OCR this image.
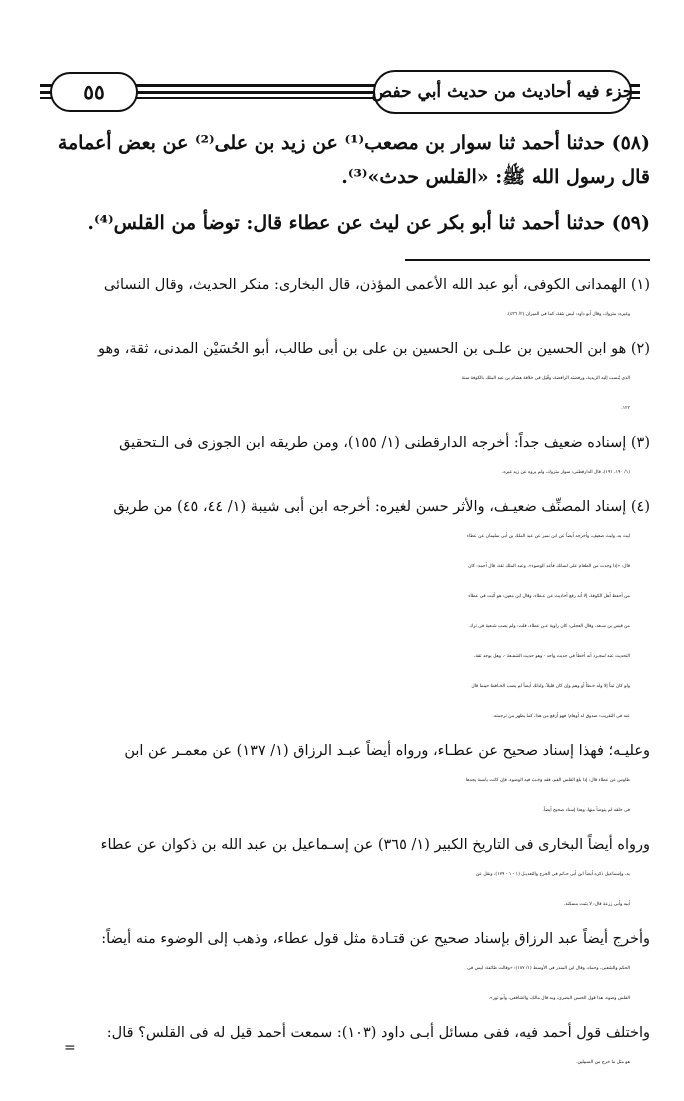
جزء فيه أحاديث من حديث أبي حفص
٥٥

(٥٨) حدثنا أحمد ثنا سوار بن مصعب⁽¹⁾ عن زيد بن على⁽²⁾ عن بعض أعمامة

قال رسول الله ﷺ: «القلس حدث»⁽³⁾.

(٥٩) حدثنا أحمد ثنا أبو بكر عن ليث عن عطاء قال: توضأ من القلس⁽⁴⁾.

(١) الهمدانى الكوفى، أبو عبد الله الأعمى المؤذن، قال البخارى: منكر الحديث، وقال النسائى

وغيره: متروك، وقال أبو داود: ليس بثقة، كما فى الميزان (٢/ ٤٣٦).

(٢) هو ابن الحسين بن علـى بن الحسين بن على بن أبى طالب، أبو الحُسَيْن المدنى، ثقة، وهو

الذى يُنسب إليه الزيدية، ورفضته الرافضة، وقُتِل فى خلافة هشام بن عبد الملك بالكوفة سنة

١٢٢.

(٣) إسناده ضعيف جداً: أخرجه الدارقطنى (١/ ١٥٥)، ومن طريقه ابن الجوزى فى الـتحقيق

(١/ ١٩٠، ١٩١)، قال الدارقطنى: سوار متروك، ولم يروه عن زيد غيره.

(٤) إسناد المصنِّف ضعيـف، والأثر حسن لغيره: أخرجه ابن أبى شيبة (١/ ٤٤، ٤٥) من طريق

ليث به، وليث ضعيف، وأخرجه أيضاً عن ابن نمير عن عبد الملك بن أبى سليمان عن عطاء

قال: «إذا وجدت من الطعام على لسانك فأعد الوضوء»، وعبد الملك ثقة، قال أحمد: كان

من أحفظ أهل الكوفة، إلا أنه رفع أحاديث عن عـطاء، وقال ابن معين: هو أثبت فى عطاء

من قيس بن سـعد، وقال العجلى: كان راوية عـن عطاء، قلت: ولم يصب شـعبة فى ترك

التحديث عنه لمجـرد أنه أخطأ فى حديث واحد - وهو حديث الشفـعة -، وهل يوجد ثقة،

ولو كان ثبتاً إلا وله خـطأ أو وهم وإن كان قليلاً، ولذلك أيضاً لم يصب الحـافظ حينما قال

عنه فى التقريب: صدوق له أوهام؛ فهو أرفع من هذا، كما يظهر من ترجمته.

وعليـه؛ فهذا إسناد صحيح عن عطـاء، ورواه أيضاً عبـد الرزاق (١/ ١٣٧) عن معمـر عن ابن

طاوس عن عطاء قال: إذا بلغ القلس الفم، فقد وَجَـبَ فيه الوضوء، فإن كانت يابسة يجدها

فى حلقه لم يتوضأ منها، وهذا إسناد صحيح أيضاً.

ورواه أيضاً البخارى فى التاريخ الكبير (١/ ٣٦٥) عن إسـماعيل بن عبد الله بن ذكوان عن عطاء

به، وإسماعيل ذكره أيضاً ابن أبى حـاتم فى الجرح والتعديـل (١ - ١ - ١٧٩)، ونقل عن

أبيه وأبى زرعة قال: لا يثبت مسكنه.

وأخرج أيضاً عبد الرزاق بإسناد صحيح عن قتـادة مثل قول عطاء، وذهب إلى الوضوء منه أيضاً:

الحكم والشعبى، وحماد، وقال ابن المنذر فى الأوسط (١/ ١٨٧): «وقالت طائفة: ليس فى

القلس وضوء، هذا قول الحسن البصرى، وبه قال مالك، والشافعى، وأبو ثور».

واختلف قول أحمد فيه، ففى مسائل أبـى داود (١٠٣): سمعت أحمد قيل له فى القلس؟ قال:

هو مثل ما خرج من السبيلين.

=
